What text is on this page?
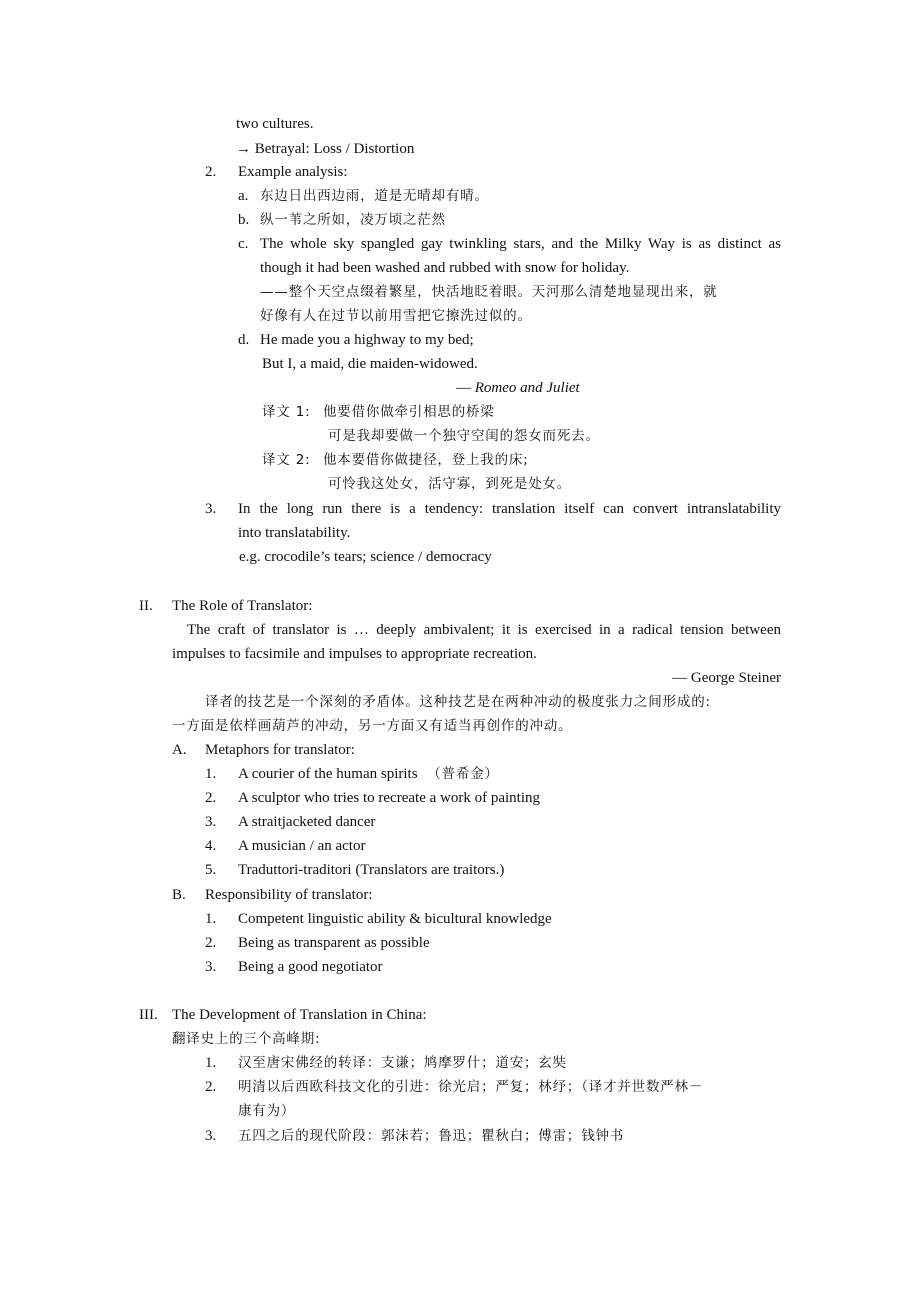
two cultures.
→ Betrayal: Loss / Distortion
2. Example analysis:
a. 东边日出西边雨，道是无晴却有晴。
b. 纵一苇之所如，凌万顷之茫然
c. The whole sky spangled gay twinkling stars, and the Milky Way is as distinct as
though it had been washed and rubbed with snow for holiday.
——整个天空点缀着繁星，快活地眨着眼。天河那么清楚地显现出来，就
好像有人在过节以前用雪把它擦洗过似的。
d. He made you a highway to my bed;
But I, a maid, die maiden-widowed.
— Romeo and Juliet
译文 1: 他要借你做牵引相思的桥梁
可是我却要做一个独守空闺的怨女而死去。
译文 2: 他本要借你做捷径，登上我的床;
可怜我这处女，活守寡，到死是处女。
3. In the long run there is a tendency: translation itself can convert intranslatability
into translatability.
e.g. crocodile’s tears; science / democracy
II. The Role of Translator:
The craft of translator is … deeply ambivalent; it is exercised in a radical tension between
impulses to facsimile and impulses to appropriate recreation.
— George Steiner
译者的技艺是一个深刻的矛盾体。这种技艺是在两种冲动的极度张力之间形成的:
一方面是依样画葫芦的冲动，另一方面又有适当再创作的冲动。
A. Metaphors for translator:
1. A courier of the human spirits （普希金）
2. A sculptor who tries to recreate a work of painting
3. A straitjacketed dancer
4. A musician / an actor
5. Traduttori-traditori (Translators are traitors.)
B. Responsibility of translator:
1. Competent linguistic ability & bicultural knowledge
2. Being as transparent as possible
3. Being a good negotiator
III. The Development of Translation in China:
翻译史上的三个高峰期:
1. 汉至唐宋佛经的转译：支谦；鸠摩罗什；道安；玄奘
2. 明清以后西欧科技文化的引进：徐光启；严复；林纾；（译才并世数严林－
康有为）
3. 五四之后的现代阶段：郭沫若；鲁迅；瞿秋白；傅雷；钱钟书
